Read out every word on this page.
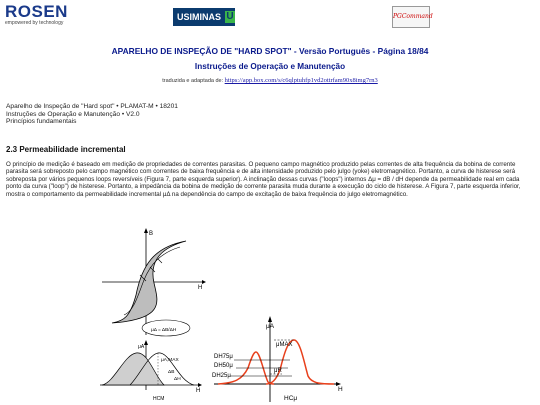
ROSEN
empowered by technology
USIMINAS U	PGCommand
APARELHO DE INSPEÇÃO DE "HARD SPOT" - Versão Português - Página 18/84
Instruções de Operação e Manutenção
traduzida e adaptada de: https://app.box.com/s/c6qlptuhfp1vd2ottrfam90x8img7rn3
Aparelho de Inspeção de "Hard spot" • PLAMAT-M • 18201
Instruções de Operação e Manutenção • V2.0
Princípios fundamentais
2.3 Permeabilidade incremental
O princípio de medição é baseado em medição de propriedades de correntes parasitas. O pequeno campo magnético produzido pelas correntes de alta frequência da bobina de corrente parasita será sobreposto pelo campo magnético com correntes de baixa frequência e de alta intensidade produzido pelo julgo (yoke) eletromagnético. Portanto, a curva de histerese será sobreposta por vários pequenos loops reversíveis (Figura 7, parte esquerda superior). A inclinação dessas curvas ("loops") internos Δμ = dB / dH depende da permeabilidade real em cada ponto da curva ("loop") de histerese. Portanto, a impedância da bobina de medição de corrente parasita muda durante a execução do ciclo de histerese. A Figura 7, parte esquerda inferior, mostra o comportamento da permeabilidade incremental μΔ na dependência do campo de excitação de baixa frequência do julgo eletromagnético.
B
H
μΔ = ΔB/ΔH
μA
μA,MAX
ΔB
ΔH
H
HCM
μA
H
μMAX
μR
DH75μ
DH50μ
DH25μ
HCμ
